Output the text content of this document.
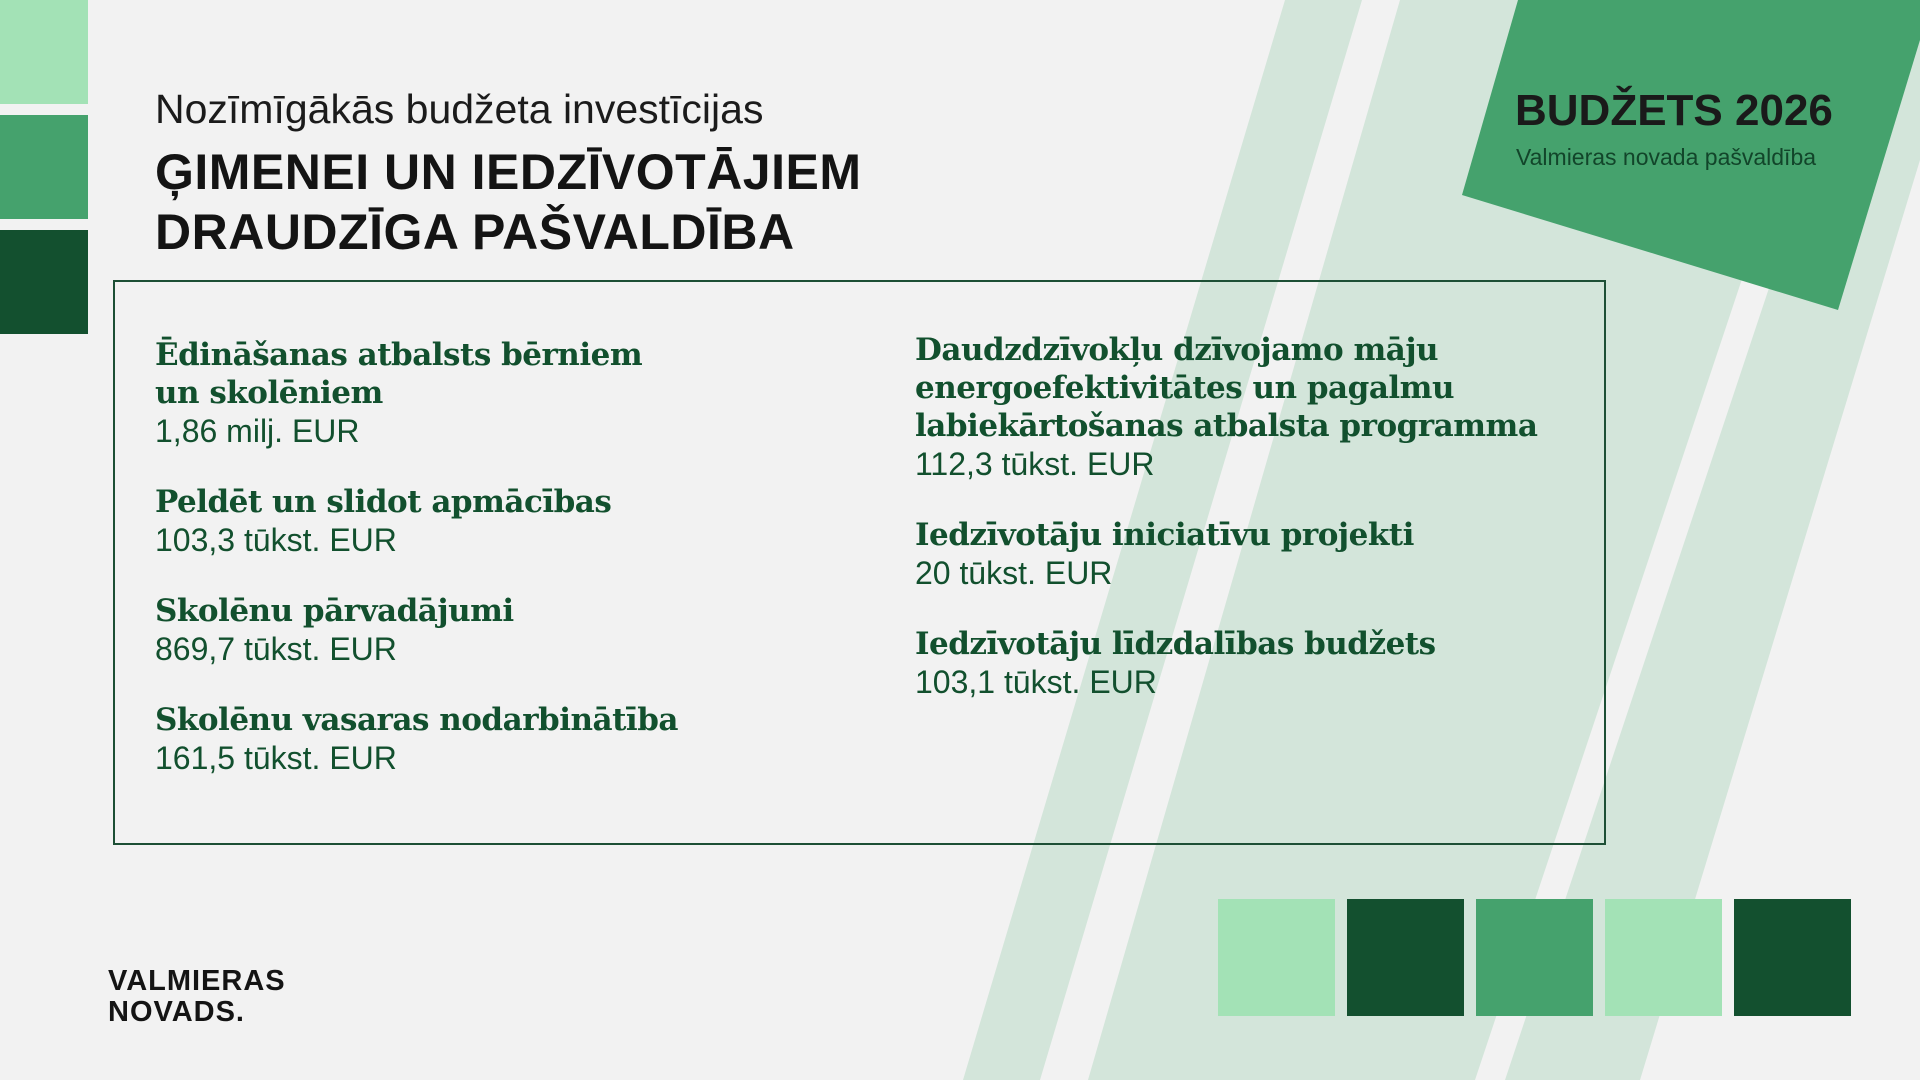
Nozīmīgākās budžeta investīcijas
ĢIMENEI UN IEDZĪVOTĀJIEM
DRAUDZĪGA PAŠVALDĪBA
BUDŽETS 2026
Valmieras novada pašvaldība
Ēdināšanas atbalsts bērniem
un skolēniem
1,86 milj. EUR
Peldēt un slidot apmācības
103,3 tūkst. EUR
Skolēnu pārvadājumi
869,7 tūkst. EUR
Skolēnu vasaras nodarbinātība
161,5 tūkst. EUR
Daudzdzīvokļu dzīvojamo māju
energoefektivitātes un pagalmu
labiekārtošanas atbalsta programma
112,3 tūkst. EUR
Iedzīvotāju iniciatīvu projekti
20 tūkst. EUR
Iedzīvotāju līdzdalības budžets
103,1 tūkst. EUR
VALMIERAS
NOVADS.
